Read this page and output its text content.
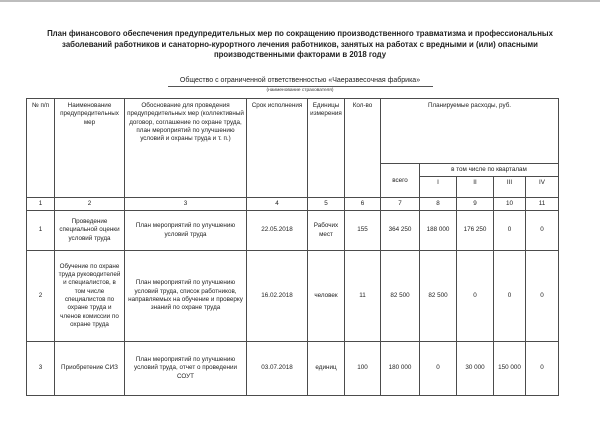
План финансового обеспечения предупредительных мер по сокращению производственного травматизма и профессиональных заболеваний работников и санаторно-курортного лечения работников, занятых на работах с вредными и (или) опасными производственными факторами в 2018 году
Общество с ограниченной ответственностью «Чаеразвесочная фабрика»
(наименование страхователя)
№ п/п	Наименование предупредительных мер	Обоснование для проведения предупредительных мер (коллективный договор, соглашение по охране труда, план мероприятий по улучшению условий и охраны труда и т. п.)	Срок исполнения	Единицы измерения	Кол-во	Планируемые расходы, руб.				
						всего	в том числе по кварталам			
							I	II	III	IV
1	2	3	4	5	6	7	8	9	10	11
1	Проведение специальной оценки условий труда	План мероприятий по улучшению условий труда	22.05.2018	Рабочих мест	155	364 250	188 000	176 250	0	0
2	Обучение по охране труда руководителей и специалистов, в том числе специалистов по охране труда и членов комиссии по охране труда	План мероприятий по улучшению условий труда, список работников, направляемых на обучение и проверку знаний по охране труда	16.02.2018	человек	11	82 500	82 500	0	0	0
3	Приобретение СИЗ	План мероприятий по улучшению условий труда, отчет о проведении СОУТ	03.07.2018	единиц	100	180 000	0	30 000	150 000	0
